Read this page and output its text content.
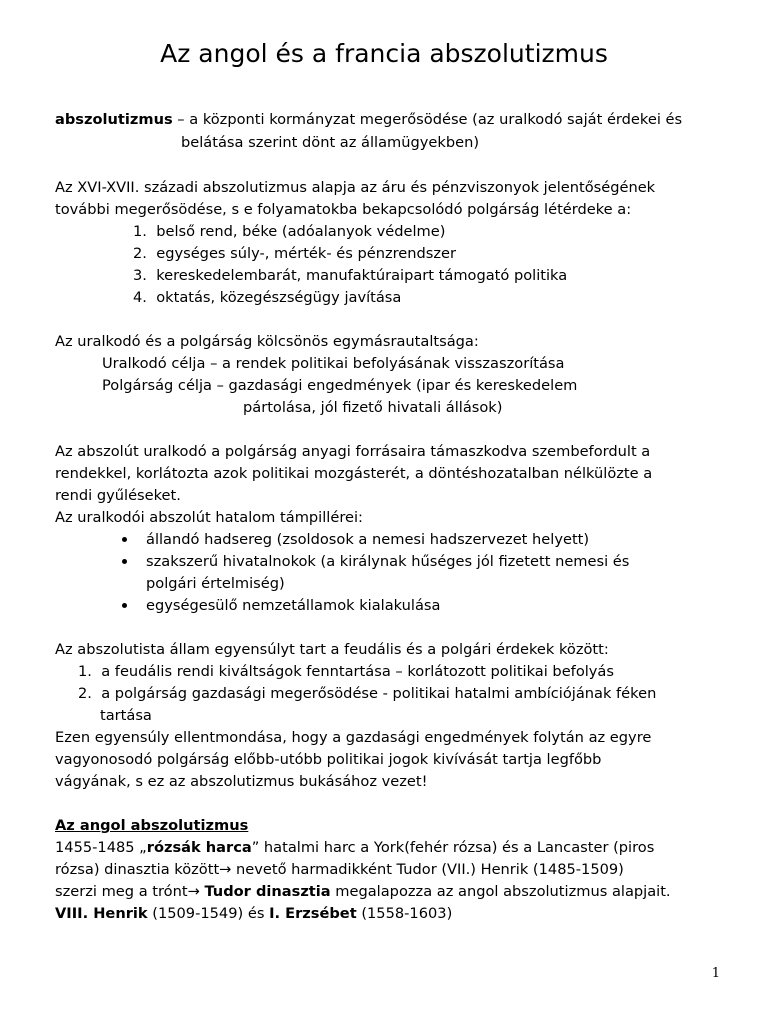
Az angol és a francia abszolutizmus
abszolutizmus – a központi kormányzat megerősödése (az uralkodó saját érdekei és
belátása szerint dönt az államügyekben)
Az XVI-XVII. századi abszolutizmus alapja az áru és pénzviszonyok jelentőségének
további megerősödése, s e folyamatokba bekapcsolódó polgárság létérdeke a:
1. belső rend, béke (adóalanyok védelme)
2. egységes súly-, mérték- és pénzrendszer
3. kereskedelembarát, manufaktúraipart támogató politika
4. oktatás, közegészségügy javítása
Az uralkodó és a polgárság kölcsönös egymásrautaltsága:
Uralkodó célja – a rendek politikai befolyásának visszaszorítása
Polgárság célja – gazdasági engedmények (ipar és kereskedelem
pártolása, jól fizető hivatali állások)
Az abszolút uralkodó a polgárság anyagi forrásaira támaszkodva szembefordult a
rendekkel, korlátozta azok politikai mozgásterét, a döntéshozatalban nélkülözte a
rendi gyűléseket.
Az uralkodói abszolút hatalom támpillérei:
állandó hadsereg (zsoldosok a nemesi hadszervezet helyett)
szakszerű hivatalnokok (a királynak hűséges jól fizetett nemesi és
polgári értelmiség)
egységesülő nemzetállamok kialakulása
Az abszolutista állam egyensúlyt tart a feudális és a polgári érdekek között:
1. a feudális rendi kiváltságok fenntartása – korlátozott politikai befolyás
2. a polgárság gazdasági megerősödése - politikai hatalmi ambíciójának féken
tartása
Ezen egyensúly ellentmondása, hogy a gazdasági engedmények folytán az egyre
vagyonosodó polgárság előbb-utóbb politikai jogok kivívását tartja legfőbb
vágyának, s ez az abszolutizmus bukásához vezet!
Az angol abszolutizmus
1455-1485 „rózsák harca” hatalmi harc a York(fehér rózsa) és a Lancaster (piros
rózsa) dinasztia között→ nevető harmadikként Tudor (VII.) Henrik (1485-1509)
szerzi meg a trónt→ Tudor dinasztia megalapozza az angol abszolutizmus alapjait.
VIII. Henrik (1509-1549) és I. Erzsébet (1558-1603)
1
